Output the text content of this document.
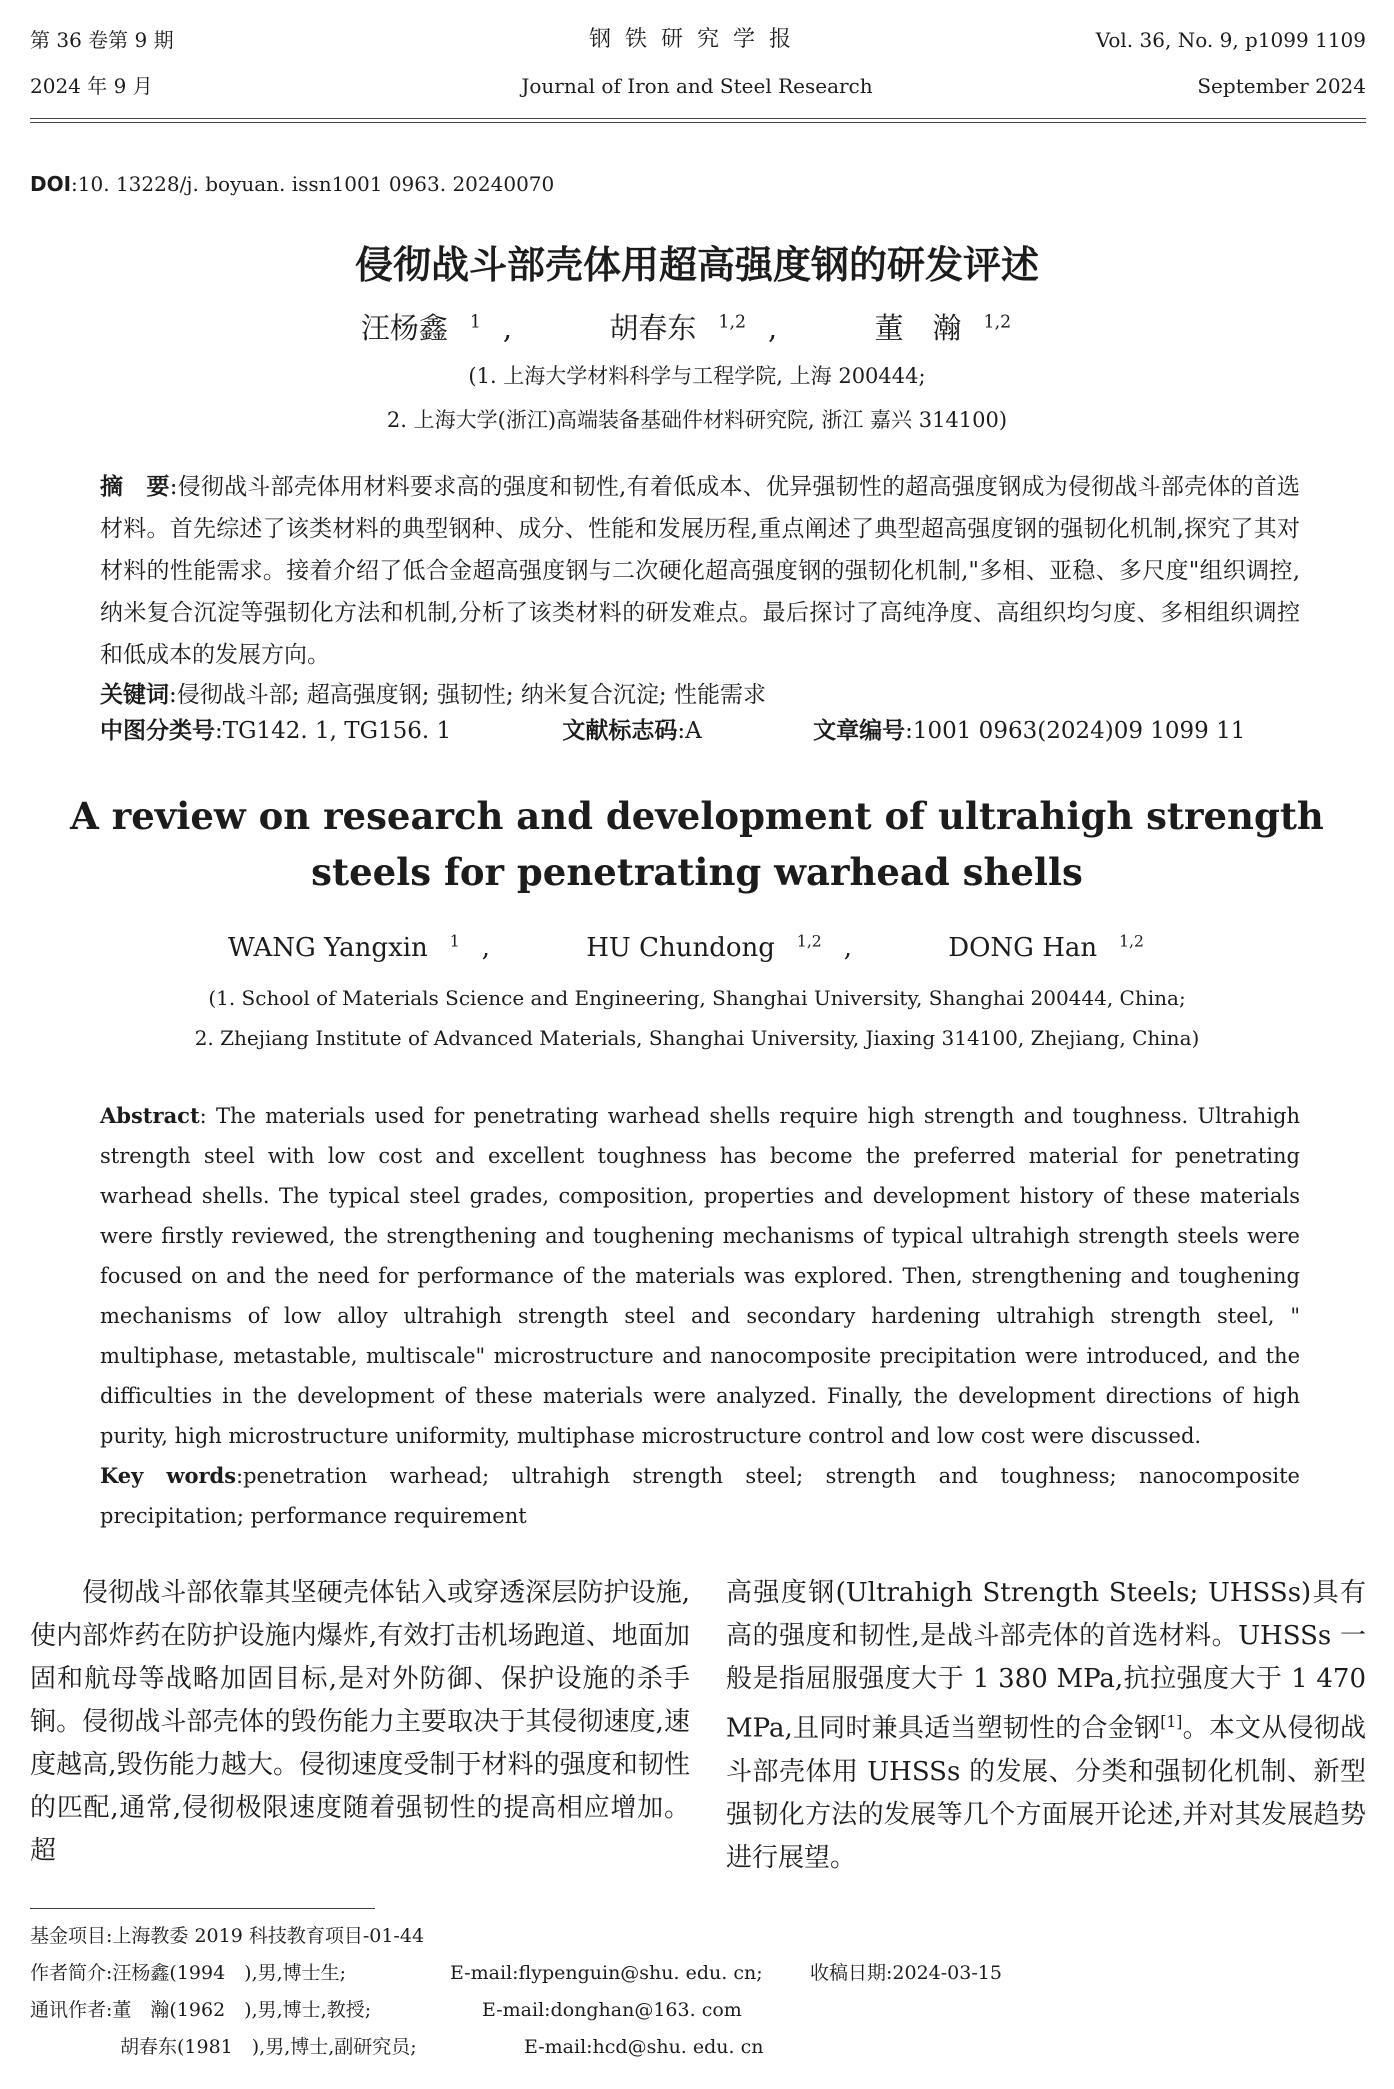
第 36 卷第 9 期
2024 年 9 月
钢铁研究学报
Journal of Iron and Steel Research
Vol. 36, No. 9, p1099 1109
September 2024
DOI:10. 13228/j. boyuan. issn1001 0963. 20240070
侵彻战斗部壳体用超高强度钢的研发评述
汪杨鑫 $^1$ ,	胡春东 $^{1,2}$ ,	董　瀚 $^{1,2}$
(1. 上海大学材料科学与工程学院, 上海 200444;
2. 上海大学(浙江)高端装备基础件材料研究院, 浙江 嘉兴 314100)
摘　要:侵彻战斗部壳体用材料要求高的强度和韧性,有着低成本、优异强韧性的超高强度钢成为侵彻战斗部壳体的首选材料。首先综述了该类材料的典型钢种、成分、性能和发展历程,重点阐述了典型超高强度钢的强韧化机制,探究了其对材料的性能需求。接着介绍了低合金超高强度钢与二次硬化超高强度钢的强韧化机制,"多相、亚稳、多尺度"组织调控,纳米复合沉淀等强韧化方法和机制,分析了该类材料的研发难点。最后探讨了高纯净度、高组织均匀度、多相组织调控和低成本的发展方向。
关键词:侵彻战斗部; 超高强度钢; 强韧性; 纳米复合沉淀; 性能需求
中图分类号:TG142. 1, TG156. 1	文献标志码:A	文章编号:1001 0963(2024)09 1099 11
A review on research and development of ultrahigh strength
steels for penetrating warhead shells
WANG Yangxin $^1$ ,	HU Chundong $^{1,2}$ ,	DONG Han $^{1,2}$
(1. School of Materials Science and Engineering, Shanghai University, Shanghai 200444, China;
2. Zhejiang Institute of Advanced Materials, Shanghai University, Jiaxing 314100, Zhejiang, China)
Abstract: The materials used for penetrating warhead shells require high strength and toughness. Ultrahigh strength steel with low cost and excellent toughness has become the preferred material for penetrating warhead shells. The typical steel grades, composition, properties and development history of these materials were firstly reviewed, the strengthening and toughening mechanisms of typical ultrahigh strength steels were focused on and the need for performance of the materials was explored. Then, strengthening and toughening mechanisms of low alloy ultrahigh strength steel and secondary hardening ultrahigh strength steel, " multiphase, metastable, multiscale" microstructure and nanocomposite precipitation were introduced, and the difficulties in the development of these materials were analyzed. Finally, the development directions of high purity, high microstructure uniformity, multiphase microstructure control and low cost were discussed.
Key words:penetration warhead; ultrahigh strength steel; strength and toughness; nanocomposite precipitation; performance requirement
侵彻战斗部依靠其坚硬壳体钻入或穿透深层防护设施,使内部炸药在防护设施内爆炸,有效打击机场跑道、地面加固和航母等战略加固目标,是对外防御、保护设施的杀手锏。侵彻战斗部壳体的毁伤能力主要取决于其侵彻速度,速度越高,毁伤能力越大。侵彻速度受制于材料的强度和韧性的匹配,通常,侵彻极限速度随着强韧性的提高相应增加。超
高强度钢(Ultrahigh Strength Steels; UHSSs)具有高的强度和韧性,是战斗部壳体的首选材料。UHSSs 一般是指屈服强度大于 1 380 MPa,抗拉强度大于 1 470 MPa,且同时兼具适当塑韧性的合金钢[1]。本文从侵彻战斗部壳体用 UHSSs 的发展、分类和强韧化机制、新型强韧化方法的发展等几个方面展开论述,并对其发展趋势进行展望。
基金项目:上海教委 2019 科技教育项目-01-44
作者简介:汪杨鑫(1994　),男,博士生;	E-mail:flypenguin@shu. edu. cn; 收稿日期:2024-03-15
通讯作者:董　瀚(1962　),男,博士,教授;	E-mail:donghan@163. com
胡春东(1981　),男,博士,副研究员;	E-mail:hcd@shu. edu. cn
